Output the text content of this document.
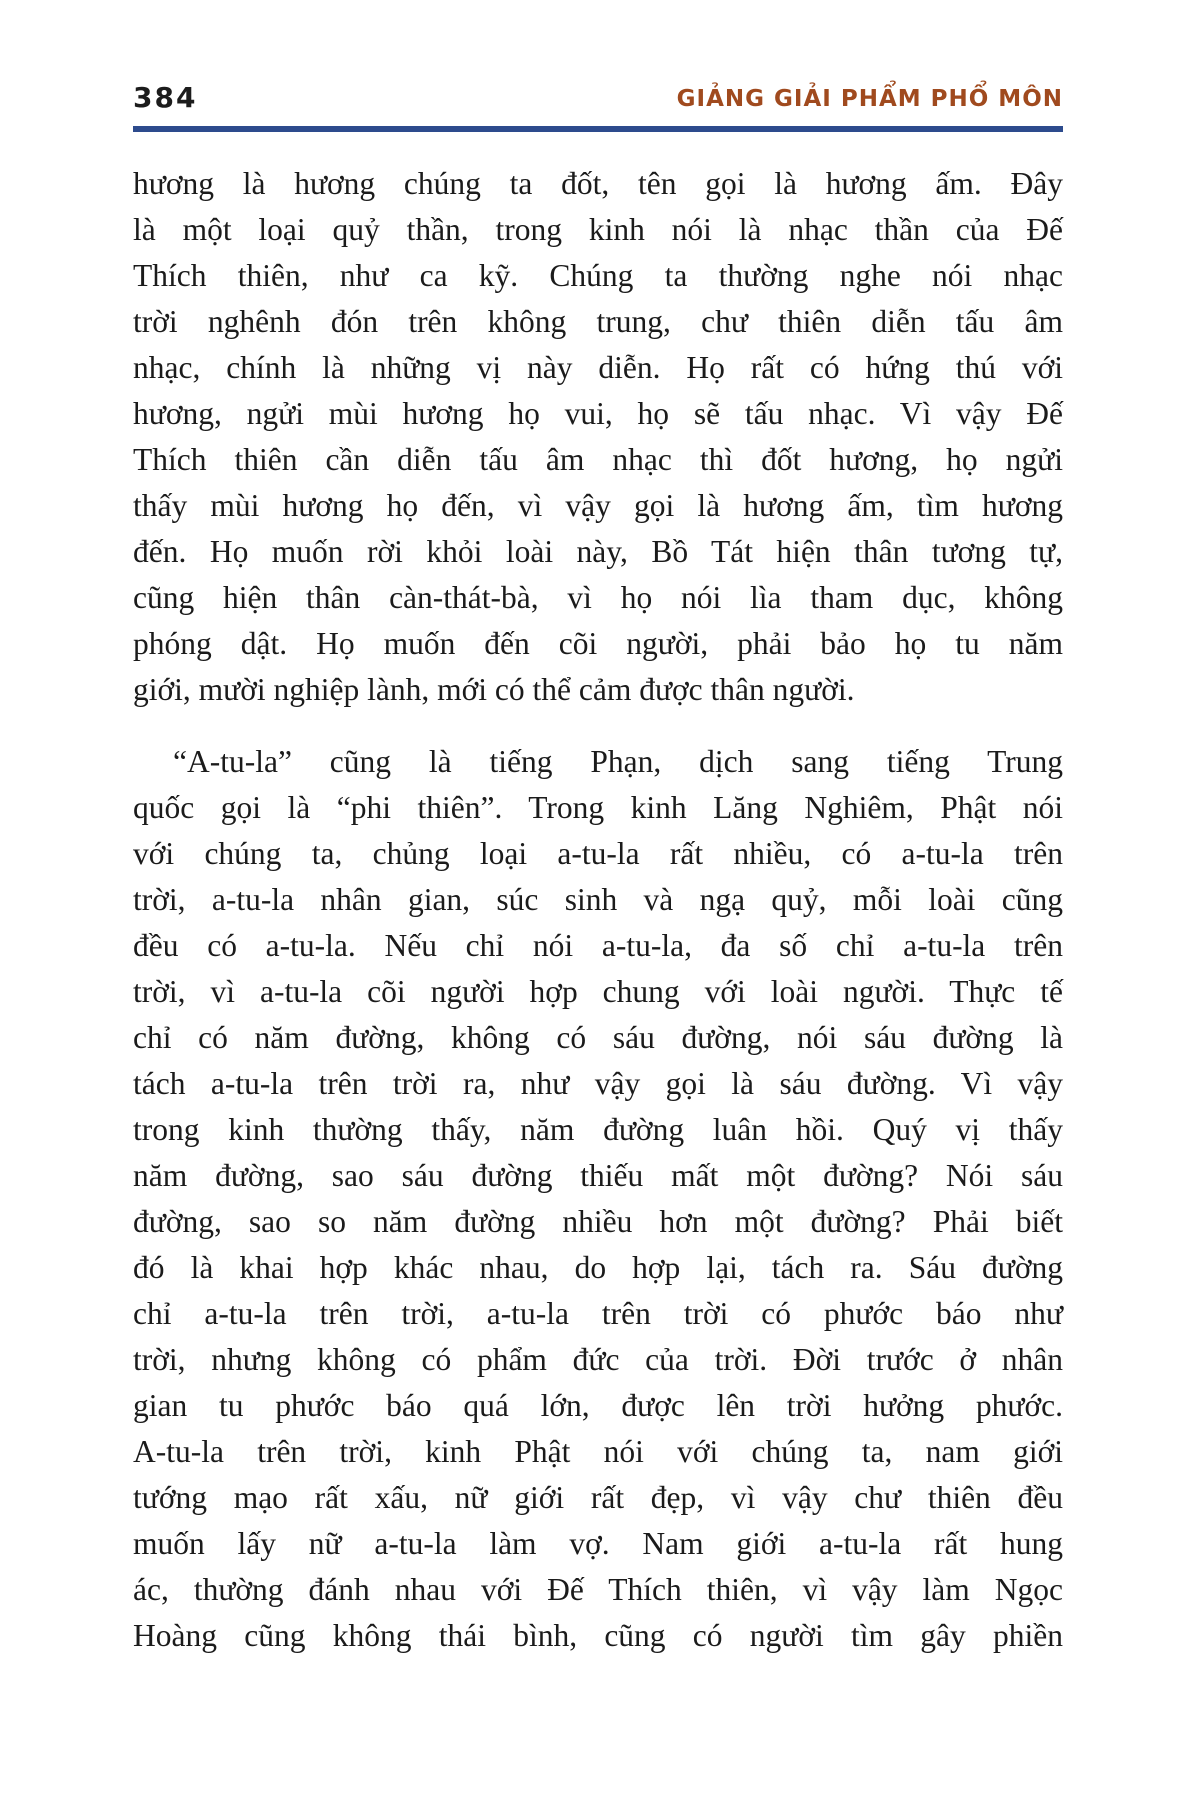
384	GIẢNG GIẢI PHẨM PHỔ MÔN
hương là hương chúng ta đốt, tên gọi là hương ấm. Đây
là một loại quỷ thần, trong kinh nói là nhạc thần của Đế
Thích thiên, như ca kỹ. Chúng ta thường nghe nói nhạc
trời nghênh đón trên không trung, chư thiên diễn tấu âm
nhạc, chính là những vị này diễn. Họ rất có hứng thú với
hương, ngửi mùi hương họ vui, họ sẽ tấu nhạc. Vì vậy Đế
Thích thiên cần diễn tấu âm nhạc thì đốt hương, họ ngửi
thấy mùi hương họ đến, vì vậy gọi là hương ấm, tìm hương
đến. Họ muốn rời khỏi loài này, Bồ Tát hiện thân tương tự,
cũng hiện thân càn-thát-bà, vì họ nói lìa tham dục, không
phóng dật. Họ muốn đến cõi người, phải bảo họ tu năm
giới, mười nghiệp lành, mới có thể cảm được thân người.
“A-tu-la” cũng là tiếng Phạn, dịch sang tiếng Trung
quốc gọi là “phi thiên”. Trong kinh Lăng Nghiêm, Phật nói
với chúng ta, chủng loại a-tu-la rất nhiều, có a-tu-la trên
trời, a-tu-la nhân gian, súc sinh và ngạ quỷ, mỗi loài cũng
đều có a-tu-la. Nếu chỉ nói a-tu-la, đa số chỉ a-tu-la trên
trời, vì a-tu-la cõi người hợp chung với loài người. Thực tế
chỉ có năm đường, không có sáu đường, nói sáu đường là
tách a-tu-la trên trời ra, như vậy gọi là sáu đường. Vì vậy
trong kinh thường thấy, năm đường luân hồi. Quý vị thấy
năm đường, sao sáu đường thiếu mất một đường? Nói sáu
đường, sao so năm đường nhiều hơn một đường? Phải biết
đó là khai hợp khác nhau, do hợp lại, tách ra. Sáu đường
chỉ a-tu-la trên trời, a-tu-la trên trời có phước báo như
trời, nhưng không có phẩm đức của trời. Đời trước ở nhân
gian tu phước báo quá lớn, được lên trời hưởng phước.
A-tu-la trên trời, kinh Phật nói với chúng ta, nam giới
tướng mạo rất xấu, nữ giới rất đẹp, vì vậy chư thiên đều
muốn lấy nữ a-tu-la làm vợ. Nam giới a-tu-la rất hung
ác, thường đánh nhau với Đế Thích thiên, vì vậy làm Ngọc
Hoàng cũng không thái bình, cũng có người tìm gây phiền
